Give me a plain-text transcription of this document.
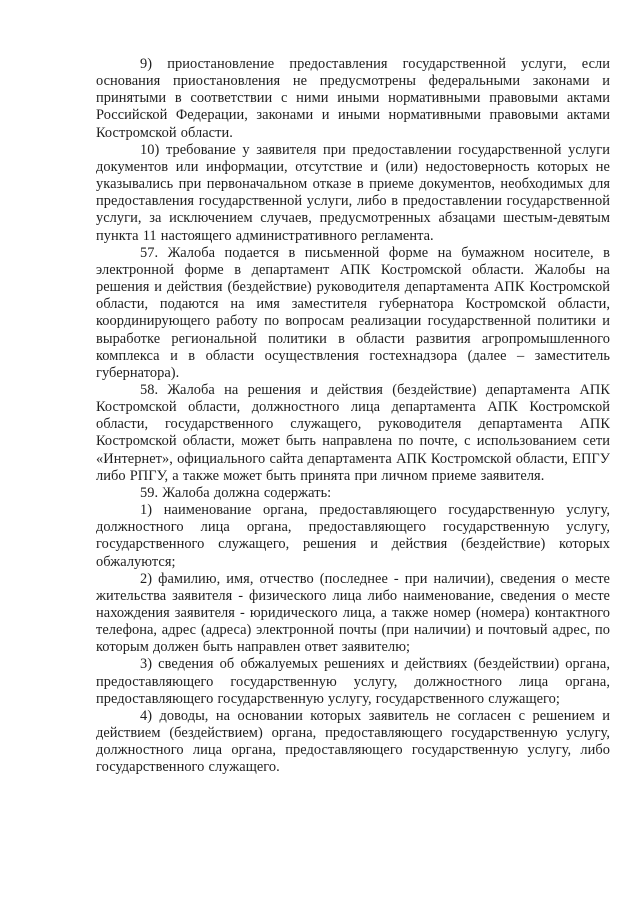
9) приостановление предоставления государственной услуги, если основания приостановления не предусмотрены федеральными законами и принятыми в соответствии с ними иными нормативными правовыми актами Российской Федерации, законами и иными нормативными правовыми актами Костромской области.

10) требование у заявителя при предоставлении государственной услуги документов или информации, отсутствие и (или) недостоверность которых не указывались при первоначальном отказе в приеме документов, необходимых для предоставления государственной услуги, либо в предоставлении государственной услуги, за исключением случаев, предусмотренных абзацами шестым-девятым пункта 11 настоящего административного регламента.

57. Жалоба подается в письменной форме на бумажном носителе, в электронной форме в департамент АПК Костромской области. Жалобы на решения и действия (бездействие) руководителя департамента АПК Костромской области, подаются на имя заместителя губернатора Костромской области, координирующего работу по вопросам реализации государственной политики и выработке региональной политики в области развития агропромышленного комплекса и в области осуществления гостехнадзора (далее – заместитель губернатора).

58. Жалоба на решения и действия (бездействие) департамента АПК Костромской области, должностного лица департамента АПК Костромской области, государственного служащего, руководителя департамента АПК Костромской области, может быть направлена по почте, с использованием сети «Интернет», официального сайта департамента АПК Костромской области, ЕПГУ либо РПГУ, а также может быть принята при личном приеме заявителя.

59. Жалоба должна содержать:

1) наименование органа, предоставляющего государственную услугу, должностного лица органа, предоставляющего государственную услугу, государственного служащего, решения и действия (бездействие) которых обжалуются;

2) фамилию, имя, отчество (последнее - при наличии), сведения о месте жительства заявителя - физического лица либо наименование, сведения о месте нахождения заявителя - юридического лица, а также номер (номера) контактного телефона, адрес (адреса) электронной почты (при наличии) и почтовый адрес, по которым должен быть направлен ответ заявителю;

3) сведения об обжалуемых решениях и действиях (бездействии) органа, предоставляющего государственную услугу, должностного лица органа, предоставляющего государственную услугу, государственного служащего;

4) доводы, на основании которых заявитель не согласен с решением и действием (бездействием) органа, предоставляющего государственную услугу, должностного лица органа, предоставляющего государственную услугу, либо государственного служащего.
